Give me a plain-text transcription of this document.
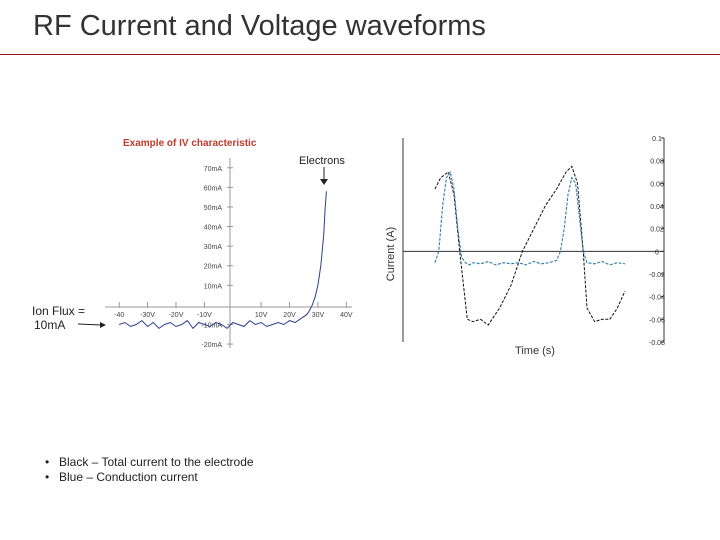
RF Current and Voltage waveforms
Example of IV characteristic
70mA
60mA
50mA
40mA
30mA
20mA
10mA
-10mA
-20mA
-40 -30V -20V -10V	10V 20V 30V 40V
Electrons
Ion Flux =
10mA
0.1
0.08
0.06
0.04
0.02
0
-0.02
-0.04
-0.06
-0.08
Current (A)
Time (s)
• Black – Total current to the electrode
• Blue – Conduction current
